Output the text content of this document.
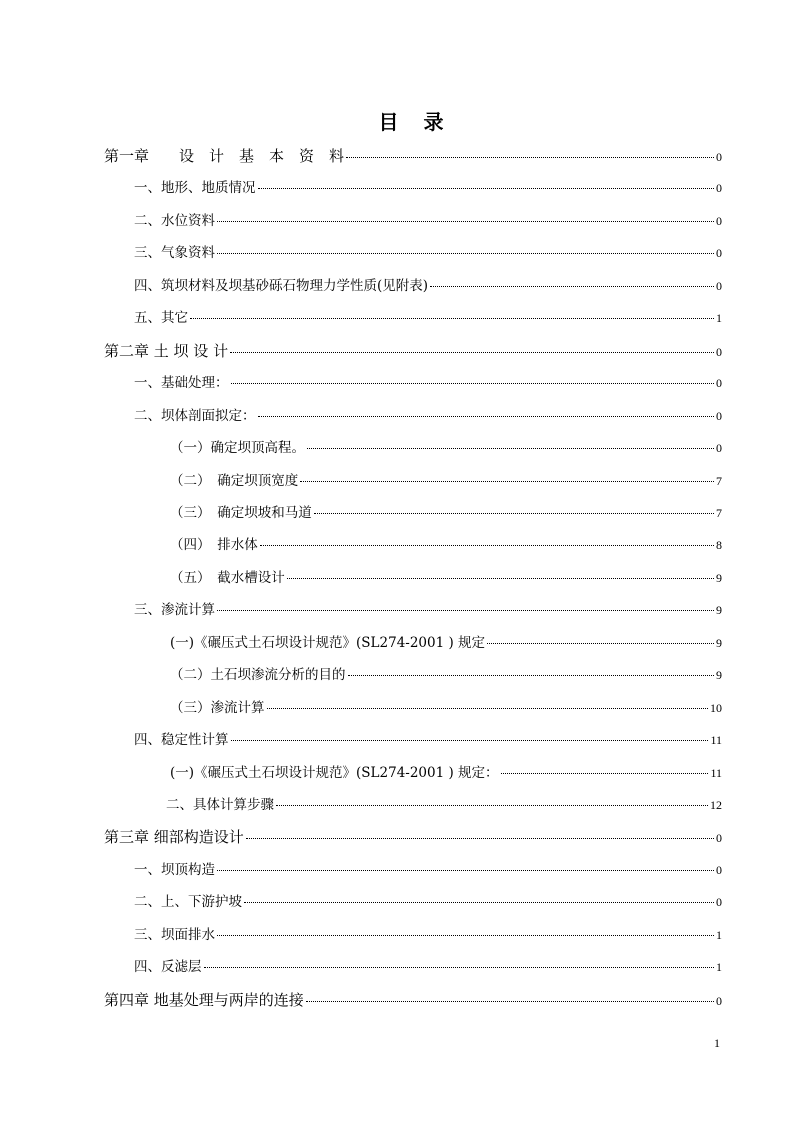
目 录
第一章　　设　计　基　本　资　料	0
一、地形、地质情况	0
二、水位资料	0
三、气象资料	0
四、筑坝材料及坝基砂砾石物理力学性质(见附表)	0
五、其它	1
第二章 土 坝 设 计	0
一、基础处理：	0
二、坝体剖面拟定：	0
（一）确定坝顶高程。	0
（二）　确定坝顶宽度	7
（三）　确定坝坡和马道	7
（四）　排水体	8
（五）　截水槽设计	9
三、渗流计算	9
(一)《碾压式土石坝设计规范》(SL274-2001 ) 规定	9
（二）土石坝渗流分析的目的	9
（三）渗流计算	10
四、稳定性计算	11
(一)《碾压式土石坝设计规范》(SL274-2001 ) 规定：	11
二、具体计算步骤	12
第三章 细部构造设计	0
一、坝顶构造	0
二、上、下游护坡	0
三、坝面排水	1
四、反滤层	1
第四章 地基处理与两岸的连接	0
1
